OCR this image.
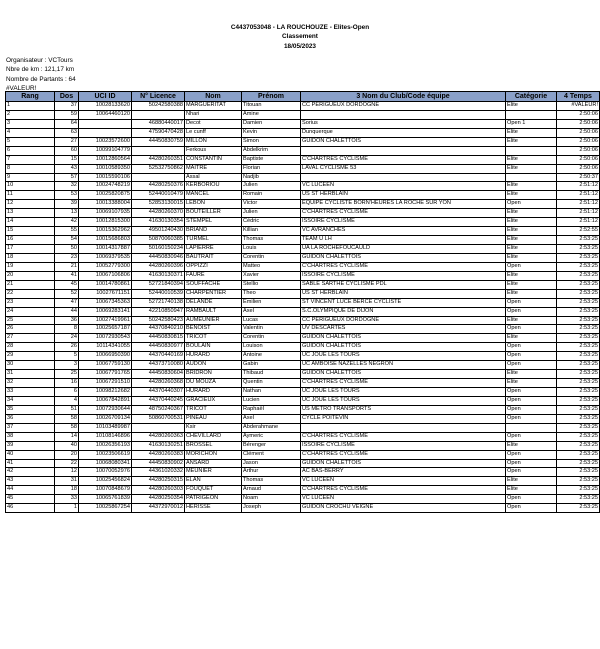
C4437053048 - LA ROUCHOUZE - Elites-Open
Classement
18/05/2023
Organisateur : VCTours
Nbre de km : 121,17 km
Nombre de Partants : 64
#VALEUR!
Rang	Dos	UCI ID	N° Licence	Nom	Prénom	3 Nom du Club/Code équipe	Catégorie	4 Temps
1	37	10028133620	50242580388	MARGUERITAT	Titouan	CC PERIGUEUX DORDOGNE	Elite	#VALEUR!
2	59	10064460120		Nhari	Amine			2:50:06
3	64		46880440017	Decot	Damien	Sorius	Open 1	2:50:06
4	63		47590470428	Le cunff	Kevin	Dunquerque	Elite	2:50:06
5	27	10023572600	44450830759	MILLON	Simon	GUIDON CHALETTOIS	Elite	2:50:06
6	60	10099104779		Ferkous	Abdelkrim			2:50:06
7	15	10012860564	44280260351	CONSTANTIN	Baptiste	C'CHARTRES CYCLISME	Elite	2:50:06
8	43	10010589350	52532750862	MAITRE	Florian	LAVAL CYCLISME 53	Elite	2:50:06
9	57	10015590106		Assal	Nadjib			2:50:37
10	32	10024748219	44280250376	KERBORIOU	Julien	VC LUCEEN	Elite	2:51:12
11	53	10025820875	52440010479	MANCEL	Romain	US ST HERBLAIN	Elite	2:51:12
12	39	10013388004	52853130015	LEBON	Victor	EQUIPE CYCLISTE BORN'HEURES LA ROCHE SUR YON	Open	2:51:12
13	13	10069107935	44280260370	BOUTEILLER	Julien	C'CHARTRES CYCLISME	Elite	2:51:12
14	42	10012815300	41630130354	STEMPEL	Cédric	ISSOIRE CYCLISME	Elite	2:51:12
15	55	10015362962	49501240430	BRIAND	Killian	VC AVRANCHES	Elite	2:52:55
16	54	10015686803	50870060385	TURMEL	Thomas	TEAM U LH	Elite	2:53:25
17	50	10014317887	50160150234	LAPIERRE	Louis	UA LA ROCHEFOUCAULD	Elite	2:53:25
18	23	10069379535	44450830946	BAUTRAIT	Corentin	GUIDON CHALETTOIS	Elite	2:53:25
19	21	10052779300	44280260396	OPPIZZI	Matteo	C'CHARTRES CYCLISME	Open	2:53:25
20	41	10067106806	41630130371	FAURE	Xavier	ISSOIRE CYCLISME	Elite	2:53:25
21	45	10014780861	52721840394	SOUFFACHE	Stellio	SABLE SARTHE CYCLISME PDL	Elite	2:53:25
22	52	10027671151	52440010539	CHARPENTIER	Theo	US ST HERBLAIN	Elite	2:53:25
23	47	10067345363	52721740138	DELANDE	Emilien	ST VINCENT LUCE BERCE CYCLISTE	Open	2:53:25
24	44	10069283141	42210850947	RAMBAULT	Axel	S.C.OLYMPIQUE DE DIJON	Open	2:53:25
25	36	10027419961	50242580423	AUMEUNIER	Lucas	CC PERIGUEUX DORDOGNE	Elite	2:53:25
26	8	10025657187	44370840210	BENOIST	Valentin	UV DESCARTES	Open	2:53:25
27	24	10072930543	44450830815	TRICOT	Corentin	GUIDON CHALETTOIS	Elite	2:53:25
28	26	10114341055	44450830977	BOULAIN	Louison	GUIDON CHALETTOIS	Open	2:53:25
29	5	10066950390	44370440169	HURARD	Antoine	UC JOUE LES TOURS	Open	2:53:25
30	3	10067759130	44373710080	AUDON	Gabin	UC AMBOISE NAZELLES NEGRON	Open	2:53:25
31	25	10067791765	44450830604	BRIDRON	Thibaud	GUIDON CHALETTOIS	Elite	2:53:25
32	16	10067291510	44280260368	DU MOUZA	Quentin	C'CHARTRES CYCLISME	Elite	2:53:25
33	6	10098212682	44370440307	HURARD	Nathan	UC JOUE LES TOURS	Open	2:53:25
34	4	10067842891	44370440245	GRACIEUX	Lucien	UC JOUE LES TOURS	Open	2:53:25
35	51	10072930644	48750240367	TRICOT	Raphaël	US METRO TRANSPORTS	Open	2:53:25
36	58	10026709134	50860700531	PINEAU	Axel	CYCLE POITEVIN	Open	2:53:25
37	58	10103489987		Ksir	Abderahmane			2:53:25
38	14	10108146896	44280260363	CHEVILLARD	Aymeric	C'CHARTRES CYCLISME	Open	2:53:25
39	40	10026356193	41630130251	BROSSEL	Bérenger	ISSOIRE CYCLISME	Elite	2:53:25
40	20	10023506619	44280260383	MORICHON	Clément	C'CHARTRES CYCLISME	Open	2:53:25
41	22	10068080341	44450830902	ANSARD	Jason	GUIDON CHALETTOIS	Open	2:53:25
42	12	10070052976	44361020332	MEUNIER	Arthur	AC BAS-BERRY	Open	2:53:25
43	31	10025456824	44280250315	ELAN	Thomas	VC LUCEEN	Elite	2:53:25
44	18	10070848679	44280260303	FOUQUET	Arnaud	C'CHARTRES CYCLISME	Elite	2:53:25
45	33	10065761839	44280250354	PATRIGEON	Noam	VC LUCEEN	Open	2:53:25
46	1	10025867254	44372970012	HERISSE	Joseph	GUIDON CROCHU VEIGNE	Open	2:53:25
